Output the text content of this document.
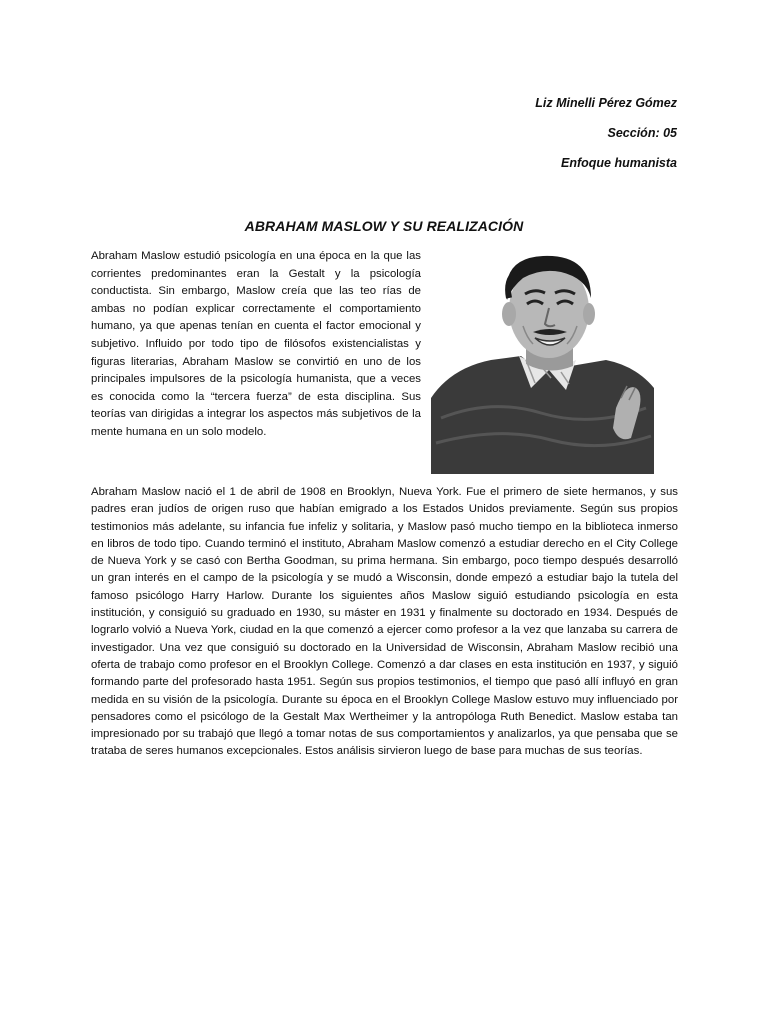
Liz Minelli Pérez Gómez
Sección: 05
Enfoque humanista
ABRAHAM MASLOW Y SU REALIZACIÓN

Abraham Maslow estudió psicología en una época en la que las corrientes predominantes eran la Gestalt y la psicología conductista. Sin embargo, Maslow creía que las teo rías de ambas no podían explicar correctamente el comportamiento humano, ya que apenas tenían en cuenta el factor emocional y subjetivo. Influido por todo tipo de filósofos existencialistas y figuras literarias, Abraham Maslow se convirtió en uno de los principales impulsores de la psicología humanista, que a veces es conocida como la “tercera fuerza” de esta disciplina. Sus teorías van dirigidas a integrar los aspectos más subjetivos de la mente humana en un solo modelo.

Abraham Maslow nació el 1 de abril de 1908 en Brooklyn, Nueva York. Fue el primero de siete hermanos, y sus padres eran judíos de origen ruso que habían emigrado a los Estados Unidos previamente. Según sus propios testimonios más adelante, su infancia fue infeliz y solitaria, y Maslow pasó mucho tiempo en la biblioteca inmerso en libros de todo tipo. Cuando terminó el instituto, Abraham Maslow comenzó a estudiar derecho en el City College de Nueva York y se casó con Bertha Goodman, su prima hermana. Sin embargo, poco tiempo después desarrolló un gran interés en el campo de la psicología y se mudó a Wisconsin, donde empezó a estudiar bajo la tutela del famoso psicólogo Harry Harlow. Durante los siguientes años Maslow siguió estudiando psicología en esta institución, y consiguió su graduado en 1930, su máster en 1931 y finalmente su doctorado en 1934. Después de lograrlo volvió a Nueva York, ciudad en la que comenzó a ejercer como profesor a la vez que lanzaba su carrera de investigador. Una vez que consiguió su doctorado en la Universidad de Wisconsin, Abraham Maslow recibió una oferta de trabajo como profesor en el Brooklyn College. Comenzó a dar clases en esta institución en 1937, y siguió formando parte del profesorado hasta 1951. Según sus propios testimonios, el tiempo que pasó allí influyó en gran medida en su visión de la psicología. Durante su época en el Brooklyn College Maslow estuvo muy influenciado por pensadores como el psicólogo de la Gestalt Max Wertheimer y la antropóloga Ruth Benedict. Maslow estaba tan impresionado por su trabajó que llegó a tomar notas de sus comportamientos y analizarlos, ya que pensaba que se trataba de seres humanos excepcionales. Estos análisis sirvieron luego de base para muchas de sus teorías.
